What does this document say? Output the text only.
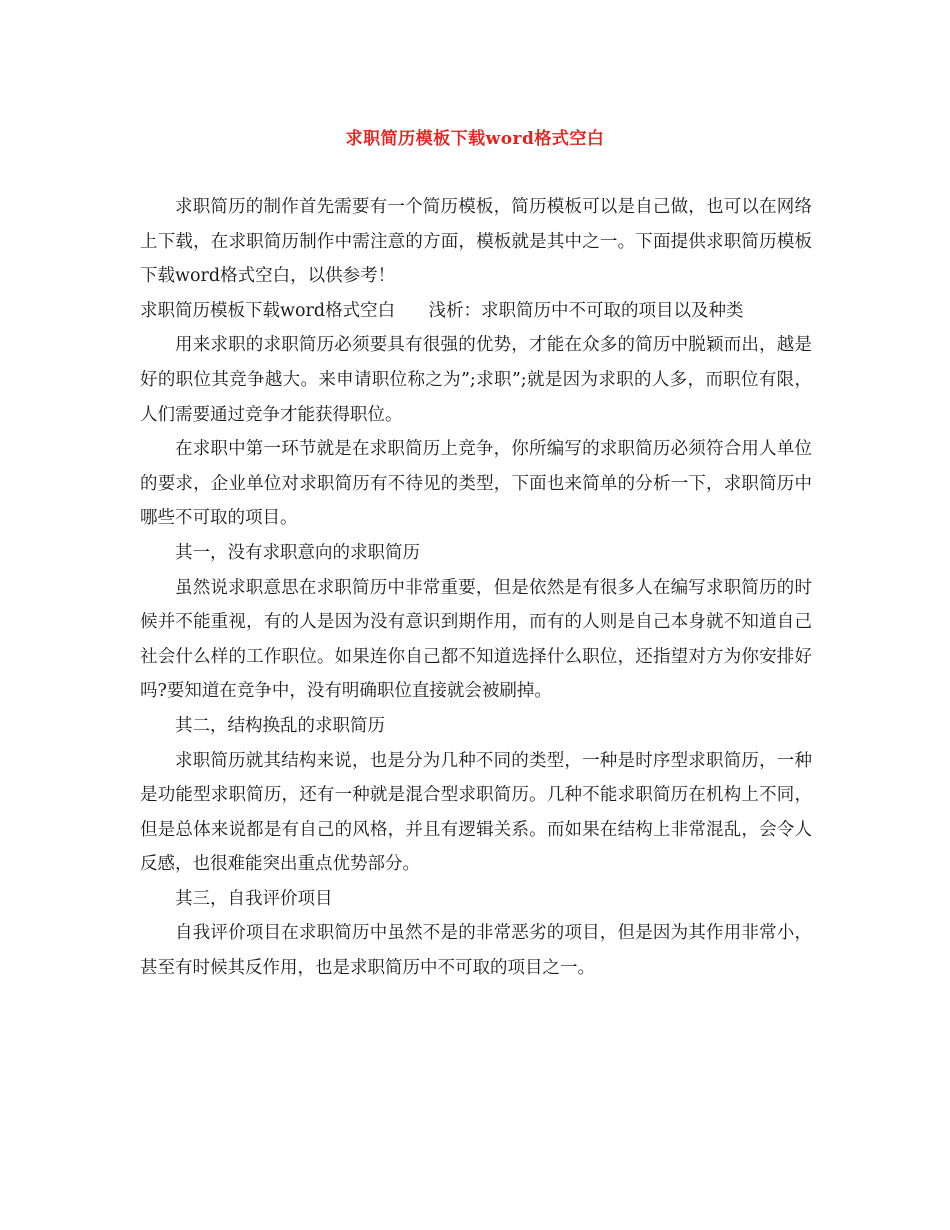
求职简历模板下载word格式空白

求职简历的制作首先需要有一个简历模板，简历模板可以是自己做，也可以在网络上下载，在求职简历制作中需注意的方面，模板就是其中之一。下面提供求职简历模板下载word格式空白，以供参考！

求职简历模板下载word格式空白      浅析：求职简历中不可取的项目以及种类

用来求职的求职简历必须要具有很强的优势，才能在众多的简历中脱颖而出，越是好的职位其竞争越大。来申请职位称之为”;求职”;就是因为求职的人多，而职位有限，人们需要通过竞争才能获得职位。

在求职中第一环节就是在求职简历上竞争，你所编写的求职简历必须符合用人单位的要求，企业单位对求职简历有不待见的类型，下面也来简单的分析一下，求职简历中哪些不可取的项目。

其一，没有求职意向的求职简历

虽然说求职意思在求职简历中非常重要，但是依然是有很多人在编写求职简历的时候并不能重视，有的人是因为没有意识到期作用，而有的人则是自己本身就不知道自己社会什么样的工作职位。如果连你自己都不知道选择什么职位，还指望对方为你安排好吗?要知道在竞争中，没有明确职位直接就会被刷掉。

其二，结构换乱的求职简历

求职简历就其结构来说，也是分为几种不同的类型，一种是时序型求职简历，一种是功能型求职简历，还有一种就是混合型求职简历。几种不能求职简历在机构上不同，但是总体来说都是有自己的风格，并且有逻辑关系。而如果在结构上非常混乱，会令人反感，也很难能突出重点优势部分。

其三，自我评价项目

自我评价项目在求职简历中虽然不是的非常恶劣的项目，但是因为其作用非常小，甚至有时候其反作用，也是求职简历中不可取的项目之一。
